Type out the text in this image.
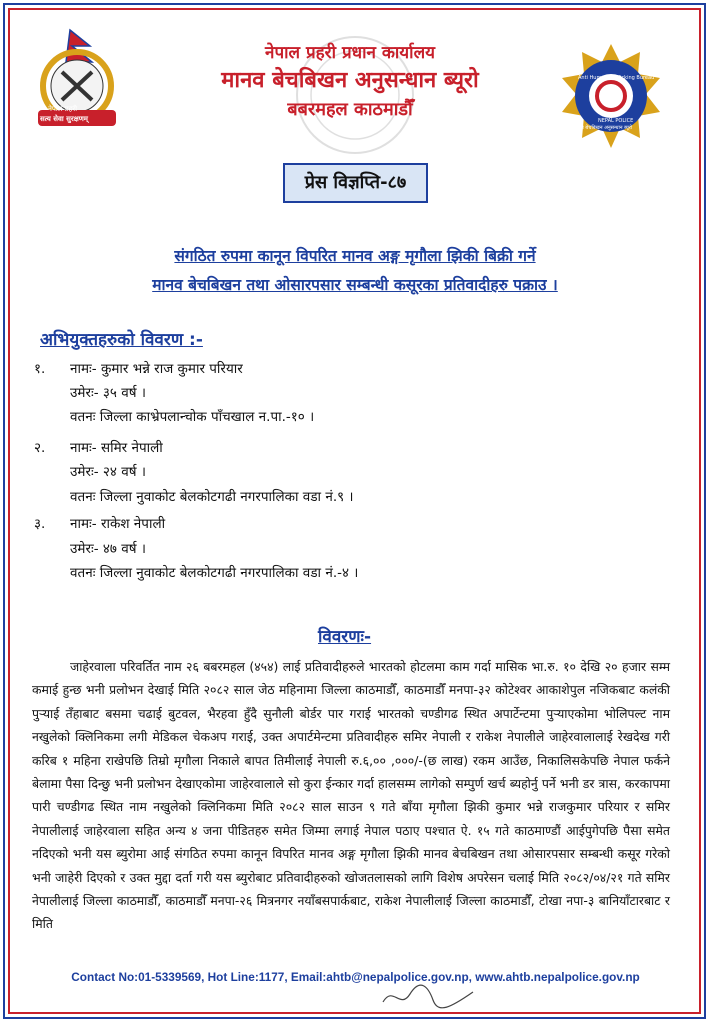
नेपाल प्रहरी
सत्य सेवा सुरक्षणम्
Anti Human Trafficking Bureau
NEPAL POLICE
मानव बेचबिखन अनुसन्धान ब्यूरो
नेपाल प्रहरी प्रधान कार्यालय
मानव बेचबिखन अनुसन्धान ब्यूरो
बबरमहल काठमाडौँ
प्रेस विज्ञप्ति-८७
संगठित रुपमा कानून विपरित मानव अङ्ग मृगौला झिकी बिक्री गर्ने
मानव बेचबिखन तथा ओसारपसार सम्बन्धी कसूरका प्रतिवादीहरु पक्राउ ।
अभियुक्तहरुको विवरण :-
१. नामः- कुमार भन्ने राज कुमार परियार
उमेरः- ३५ वर्ष ।
वतनः जिल्ला काभ्रेपलान्चोक पाँचखाल न.पा.-१० ।
२. नामः- समिर नेपाली
उमेरः- २४ वर्ष ।
वतनः जिल्ला नुवाकोट बेलकोटगढी नगरपालिका वडा नं.९ ।
३. नामः- राकेश नेपाली
उमेरः- ४७ वर्ष ।
वतनः जिल्ला नुवाकोट बेलकोटगढी नगरपालिका वडा नं.-४ ।
विवरणः-
जाहेरवाला परिवर्तित नाम २६ बबरमहल (४५४) लाई प्रतिवादीहरुले भारतको होटलमा काम गर्दा मासिक भा.रु. १० देखि २० हजार सम्म कमाई हुन्छ भनी प्रलोभन देखाई मिति २०८२ साल जेठ महिनामा जिल्ला काठमाडौँ, काठमाडौँ मनपा-३२ कोटेश्वर आकाशेपुल नजिकबाट कलंकी पुऱ्याई तँहाबाट बसमा चढाई बुटवल, भैरहवा हुँदै सुनौली बोर्डर पार गराई भारतको चण्डीगढ स्थित अपार्टेन्टमा पुऱ्याएकोमा भोलिपल्ट नाम नखुलेको क्लिनिकमा लगी मेडिकल चेकअप गराई, उक्त अपार्टमेन्टमा प्रतिवादीहरु समिर नेपाली र राकेश नेपालीले जाहेरवालालाई रेखदेख गरी करिब १ महिना राखेपछि तिम्रो मृगौला निकाले बापत तिमीलाई नेपाली रु.६,०० ,०००/-(छ लाख) रकम आउँछ, निकालिसकेपछि नेपाल फर्कने बेलामा पैसा दिन्छु भनी प्रलोभन देखाएकोमा जाहेरवालाले सो कुरा ईन्कार गर्दा हालसम्म लागेको सम्पुर्ण खर्च ब्यहोर्नु पर्ने भनी डर त्रास, करकापमा पारी चण्डीगढ स्थित नाम नखुलेको क्लिनिकमा मिति २०८२ साल साउन ९ गते बाँया मृगौला झिकी कुमार भन्ने राजकुमार परियार र समिर नेपालीलाई जाहेरवाला सहित अन्य ४ जना पीडितहरु समेत जिम्मा लगाई नेपाल पठाए पश्चात ऐ. १५ गते काठमाण्डौं आईपुगेपछि पैसा समेत नदिएको भनी यस ब्युरोमा आई संगठित रुपमा कानून विपरित मानव अङ्ग मृगौला झिकी मानव बेचबिखन तथा ओसारपसार सम्बन्धी कसूर गरेको भनी जाहेरी दिएको र उक्त मुद्दा दर्ता गरी यस ब्युरोबाट प्रतिवादीहरुको खोजतलासको लागि विशेष अपरेसन चलाई मिति २०८२/०४/२१ गते समिर नेपालीलाई जिल्ला काठमाडौँ, काठमाडौँ मनपा-२६ मित्रनगर नयाँबसपार्कबाट, राकेश नेपालीलाई जिल्ला काठमाडौँ, टोखा नपा-३ बानियाँटारबाट र मिति
Contact No:01-5339569, Hot Line:1177, Email:ahtb@nepalpolice.gov.np, www.ahtb.nepalpolice.gov.np
